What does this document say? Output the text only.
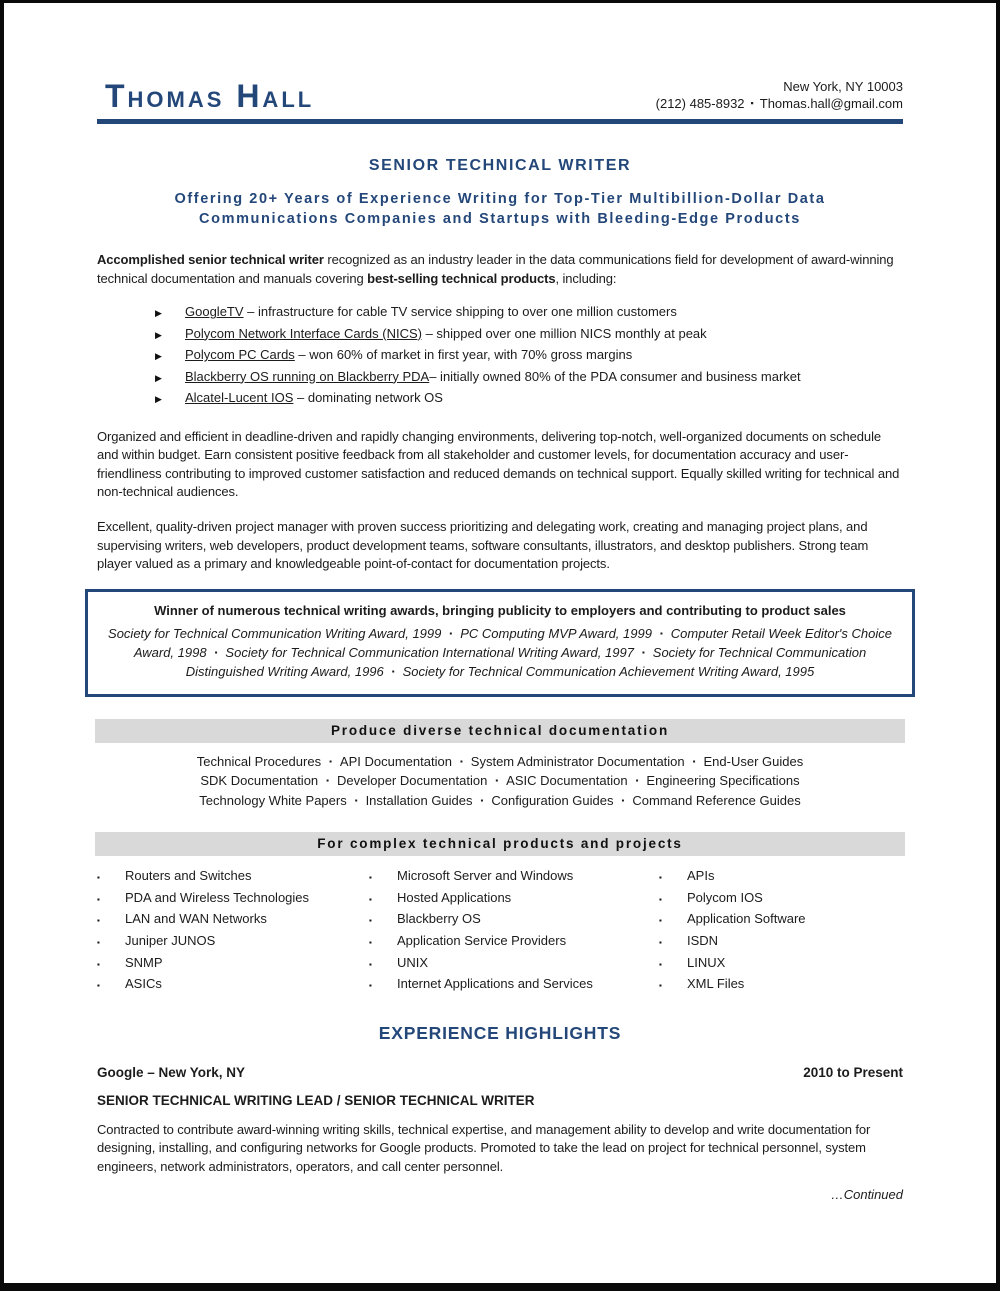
Thomas Hall	New York, NY 10003
(212) 485-8932 ▪ Thomas.hall@gmail.com
SENIOR TECHNICAL WRITER
Offering 20+ Years of Experience Writing for Top-Tier Multibillion-Dollar Data
Communications Companies and Startups with Bleeding-Edge Products

Accomplished senior technical writer recognized as an industry leader in the data communications field for development of award-winning technical documentation and manuals covering best-selling technical products, including:

▶	GoogleTV – infrastructure for cable TV service shipping to over one million customers
▶	Polycom Network Interface Cards (NICS) – shipped over one million NICS monthly at peak
▶	Polycom PC Cards – won 60% of market in first year, with 70% gross margins
▶	Blackberry OS running on Blackberry PDA– initially owned 80% of the PDA consumer and business market
▶	Alcatel-Lucent IOS – dominating network OS

Organized and efficient in deadline-driven and rapidly changing environments, delivering top-notch, well-organized documents on schedule and within budget. Earn consistent positive feedback from all stakeholder and customer levels, for documentation accuracy and user-friendliness contributing to improved customer satisfaction and reduced demands on technical support. Equally skilled writing for technical and non-technical audiences.

Excellent, quality-driven project manager with proven success prioritizing and delegating work, creating and managing project plans, and supervising writers, web developers, product development teams, software consultants, illustrators, and desktop publishers. Strong team player valued as a primary and knowledgeable point-of-contact for documentation projects.

Winner of numerous technical writing awards, bringing publicity to employers and contributing to product sales
Society for Technical Communication Writing Award, 1999 ▪ PC Computing MVP Award, 1999 ▪ Computer Retail Week Editor's Choice Award, 1998 ▪ Society for Technical Communication International Writing Award, 1997 ▪ Society for Technical Communication Distinguished Writing Award, 1996 ▪ Society for Technical Communication Achievement Writing Award, 1995
Produce diverse technical documentation
Technical Procedures ▪ API Documentation ▪ System Administrator Documentation ▪ End-User Guides
SDK Documentation ▪ Developer Documentation ▪ ASIC Documentation ▪ Engineering Specifications
Technology White Papers ▪ Installation Guides ▪ Configuration Guides ▪ Command Reference Guides
For complex technical products and projects
▪	Routers and Switches
▪	PDA and Wireless Technologies
▪	LAN and WAN Networks
▪	Juniper JUNOS
▪	SNMP
▪	ASICs
▪	Microsoft Server and Windows
▪	Hosted Applications
▪	Blackberry OS
▪	Application Service Providers
▪	UNIX
▪	Internet Applications and Services
▪	APIs
▪	Polycom IOS
▪	Application Software
▪	ISDN
▪	LINUX
▪	XML Files
EXPERIENCE HIGHLIGHTS
Google – New York, NY	2010 to Present
SENIOR TECHNICAL WRITING LEAD / SENIOR TECHNICAL WRITER

Contracted to contribute award-winning writing skills, technical expertise, and management ability to develop and write documentation for designing, installing, and configuring networks for Google products. Promoted to take the lead on project for technical personnel, system engineers, network administrators, operators, and call center personnel.

…Continued
